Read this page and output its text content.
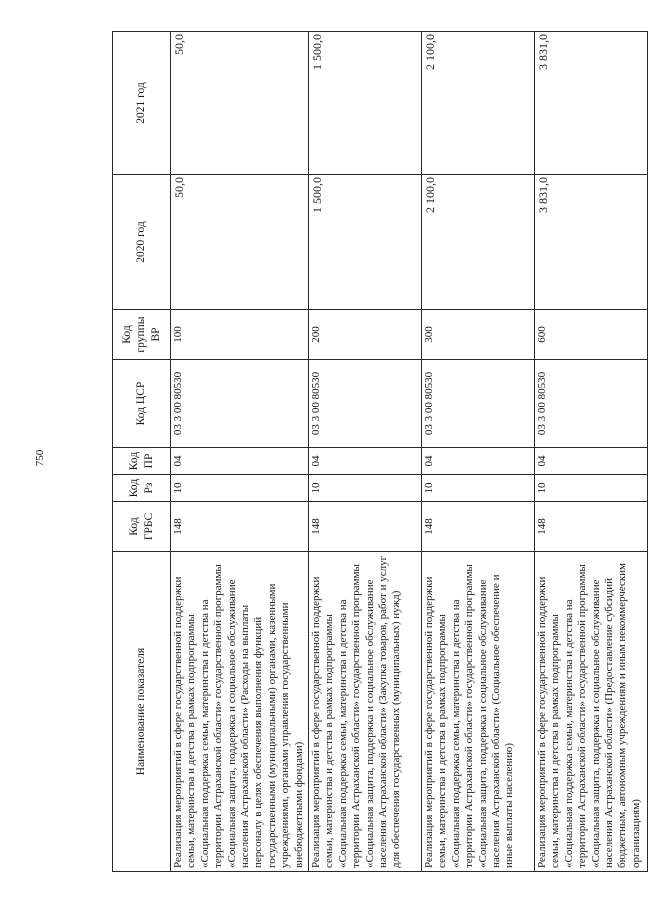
750
Наименование показателя	Код ГРБС	Код Рз	Код ПР	Код ЦСР	Код группы ВР	2020 год	2021 год
Реализация мероприятий в сфере государственной поддержки семьи, материнства и детства в рамках подпрограммы «Социальная поддержка семьи, материнства и детства на территории Астраханской области» государственной программы «Социальная защита, поддержка и социальное обслуживание населения Астраханской области» (Расходы на выплаты персоналу в целях обеспечения выполнения функций государственными (муниципальными) органами, казенными учреждениями, органами управления государственными внебюджетными фондами)	148	10	04	03 3 00 80530	100	50,0	50,0
Реализация мероприятий в сфере государственной поддержки семьи, материнства и детства в рамках подпрограммы «Социальная поддержка семьи, материнства и детства на территории Астраханской области» государственной программы «Социальная защита, поддержка и социальное обслуживание населения Астраханской области» (Закупка товаров, работ и услуг для обеспечения государственных (муниципальных) нужд)	148	10	04	03 3 00 80530	200	1 500,0	1 500,0
Реализация мероприятий в сфере государственной поддержки семьи, материнства и детства в рамках подпрограммы «Социальная поддержка семьи, материнства и детства на территории Астраханской области» государственной программы «Социальная защита, поддержка и социальное обслуживание населения Астраханской области» (Социальное обеспечение и иные выплаты населению)	148	10	04	03 3 00 80530	300	2 100,0	2 100,0
Реализация мероприятий в сфере государственной поддержки семьи, материнства и детства в рамках подпрограммы «Социальная поддержка семьи, материнства и детства на территории Астраханской области» государственной программы «Социальная защита, поддержка и социальное обслуживание населения Астраханской области» (Предоставление субсидий бюджетным, автономным учреждениям и иным некоммерческим организациям)	148	10	04	03 3 00 80530	600	3 831,0	3 831,0
